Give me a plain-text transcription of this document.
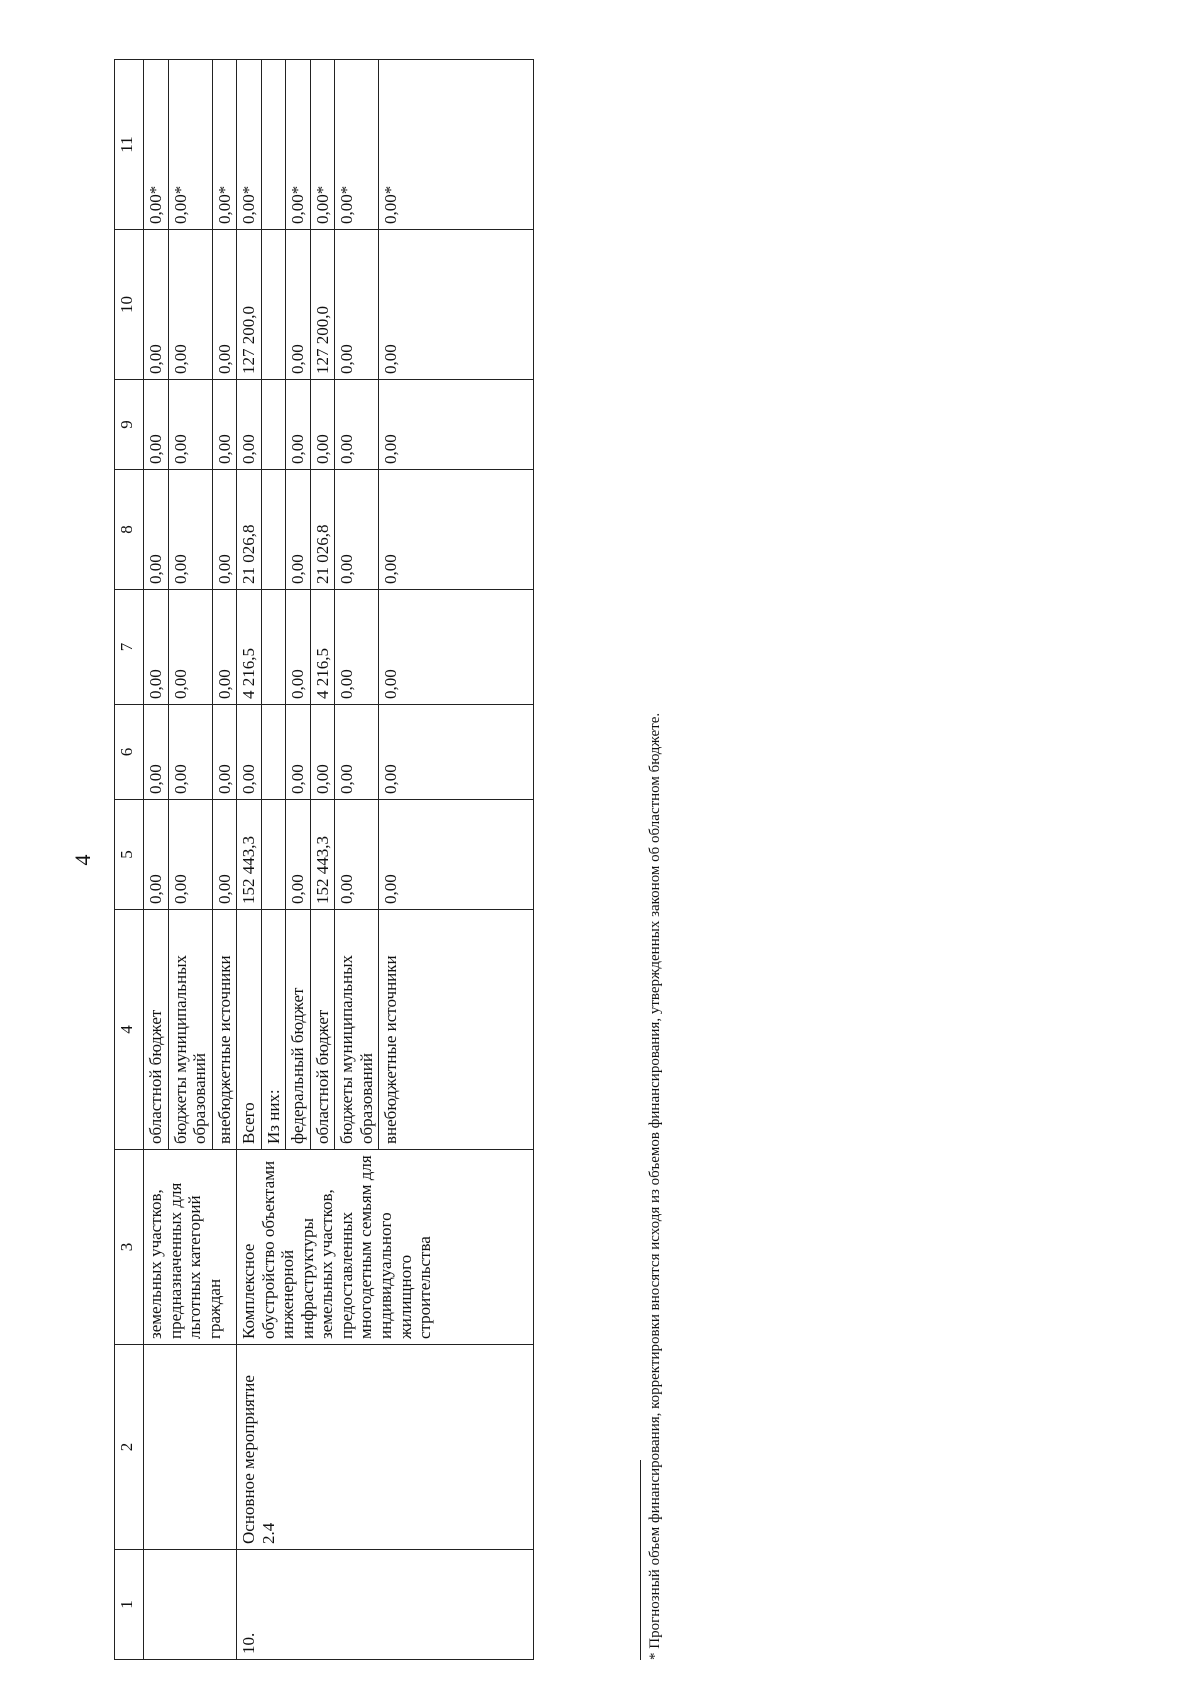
4
1	2	3	4	5	6	7	8	9	10	11
		земельных участков, предназначенных для льготных категорий граждан	областной бюджет	0,00	0,00	0,00	0,00	0,00	0,00	0,00*
			бюджеты муниципальных образований	0,00	0,00	0,00	0,00	0,00	0,00	0,00*
			внебюджетные источники	0,00	0,00	0,00	0,00	0,00	0,00	0,00*
10.	Основное мероприятие 2.4	Комплексное обустройство объектами инженерной инфраструктуры земельных участков, предоставленных многодетным семьям для индивидуального жилищного строительства	Всего	152 443,3	0,00	4 216,5	21 026,8	0,00	127 200,0	0,00*
			Из них:							
			федеральный бюджет	0,00	0,00	0,00	0,00	0,00	0,00	0,00*
			областной бюджет	152 443,3	0,00	4 216,5	21 026,8	0,00	127 200,0	0,00*
			бюджеты муниципальных образований	0,00	0,00	0,00	0,00	0,00	0,00	0,00*
			внебюджетные источники	0,00	0,00	0,00	0,00	0,00	0,00	0,00*
* Прогнозный объем финансирования, корректировки вносятся исходя из объемов финансирования, утвержденных законом об областном бюджете.
